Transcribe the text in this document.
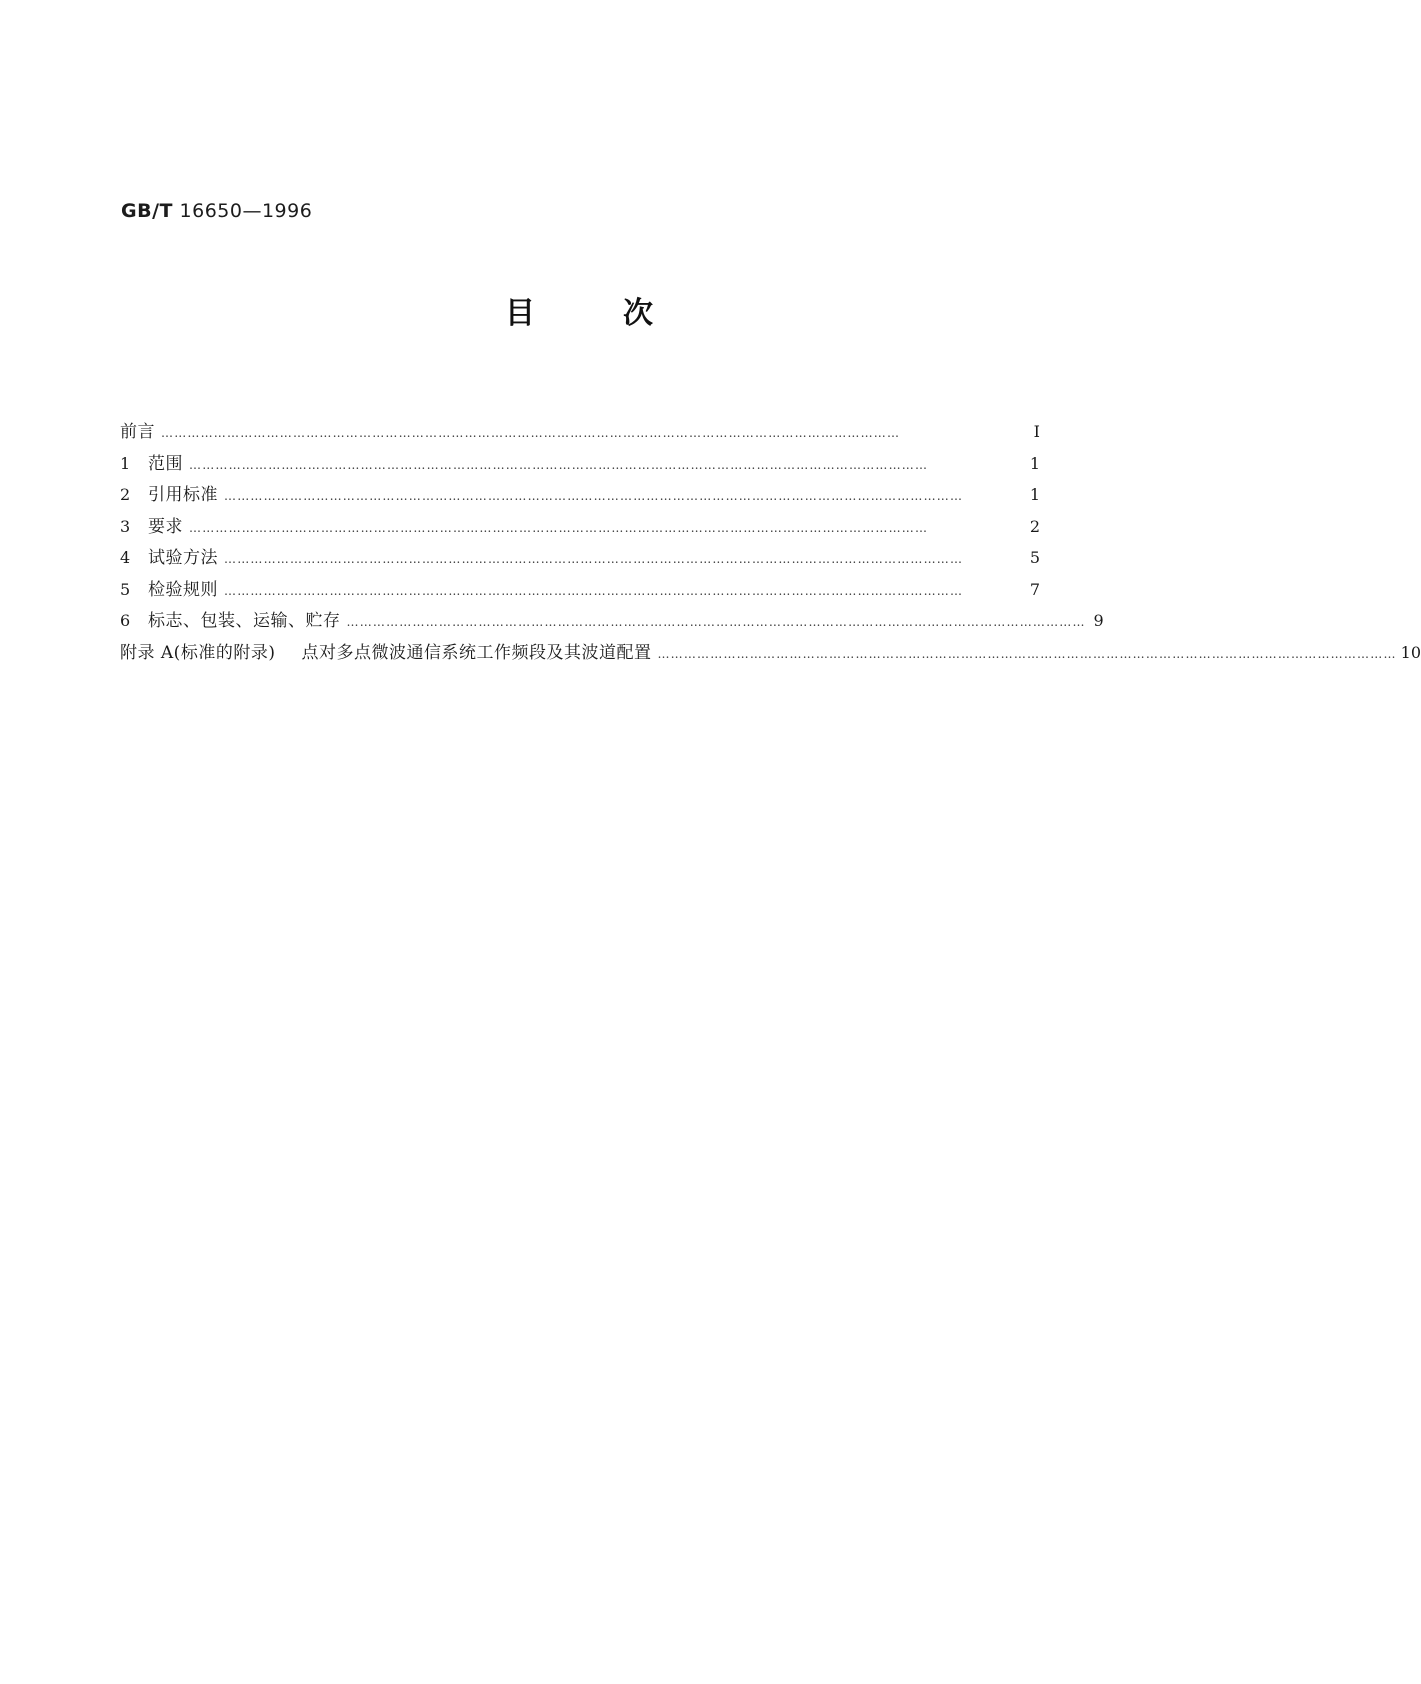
GB/T 16650—1996
目次
前言 ……………………………………………………………………………………………………………………………………………………	I
1	范围 ……………………………………………………………………………………………………………………………………………………	1
2	引用标准 ……………………………………………………………………………………………………………………………………………………	1
3	要求 ……………………………………………………………………………………………………………………………………………………	2
4	试验方法 ……………………………………………………………………………………………………………………………………………………	5
5	检验规则 ……………………………………………………………………………………………………………………………………………………	7
6	标志、包装、运输、贮存 …………………………………………………………………………………………………………………………………………………… 9
附录 A(标准的附录) 点对多点微波通信系统工作频段及其波道配置 …………………………………………………………………………………………………………………………………………………… 10
